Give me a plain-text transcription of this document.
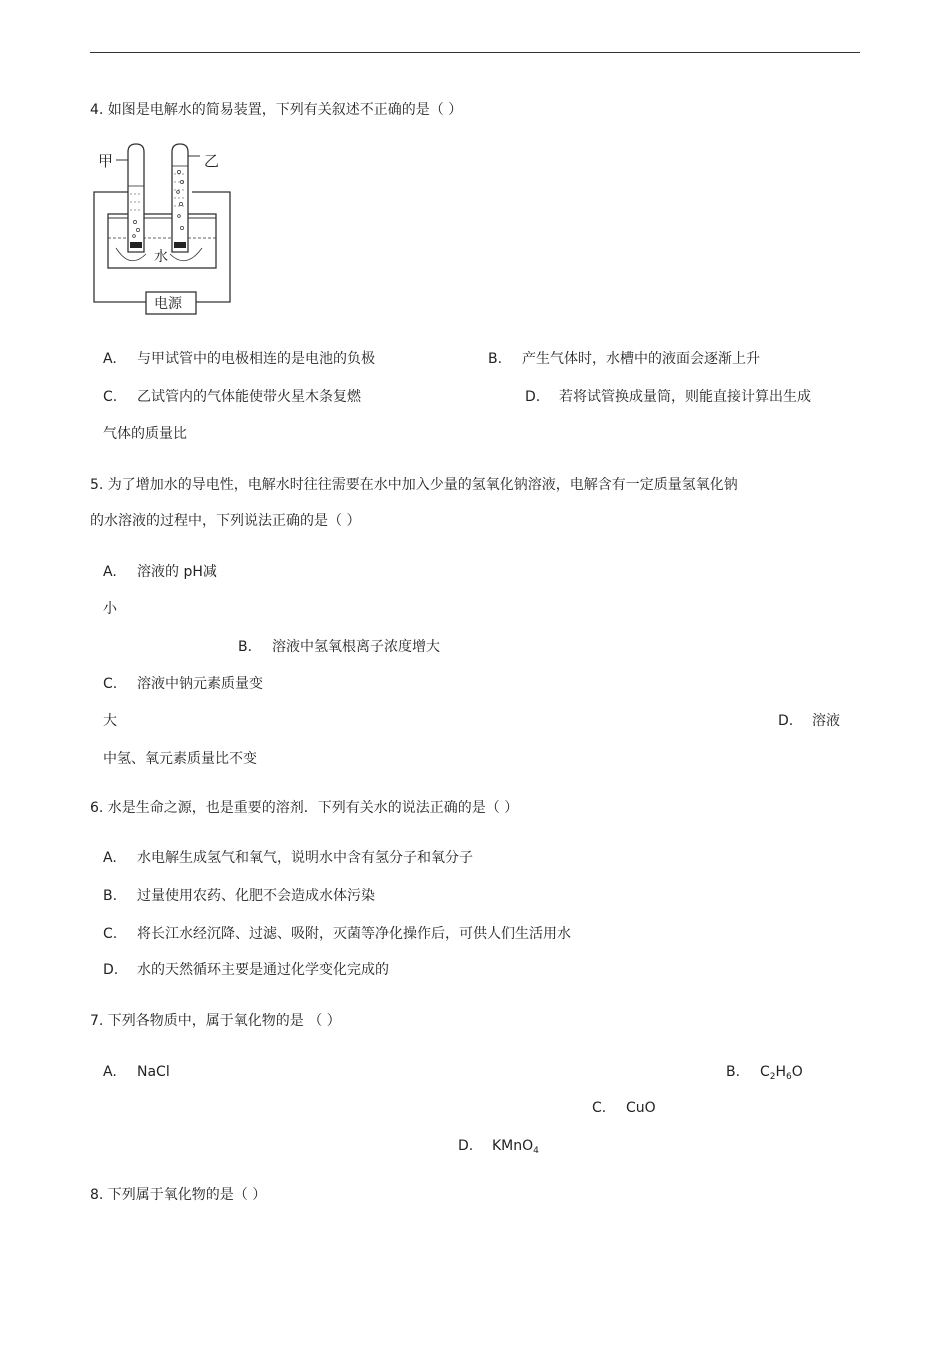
4. 如图是电解水的简易装置，下列有关叙述不正确的是（ ）
甲	乙
水
电源
A. 与甲试管中的电极相连的是电池的负极	B. 产生气体时，水槽中的液面会逐渐上升
C. 乙试管内的气体能使带火星木条复燃	D. 若将试管换成量筒，则能直接计算出生成
气体的质量比
5. 为了增加水的导电性，电解水时往往需要在水中加入少量的氢氧化钠溶液，电解含有一定质量氢氧化钠
的水溶液的过程中，下列说法正确的是（ ）
A. 溶液的 pH减
小
B. 溶液中氢氧根离子浓度增大
C. 溶液中钠元素质量变
大	D. 溶液
中氢、氧元素质量比不变
6. 水是生命之源，也是重要的溶剂．下列有关水的说法正确的是（ ）
A. 水电解生成氢气和氧气，说明水中含有氢分子和氧分子
B. 过量使用农药、化肥不会造成水体污染
C. 将长江水经沉降、过滤、吸附，灭菌等净化操作后，可供人们生活用水
D. 水的天然循环主要是通过化学变化完成的
7. 下列各物质中，属于氧化物的是 （ ）
A. NaCl	B. $C_2H_6O$
C. CuO
D. KMnO$_4$
8. 下列属于氧化物的是（ ）
